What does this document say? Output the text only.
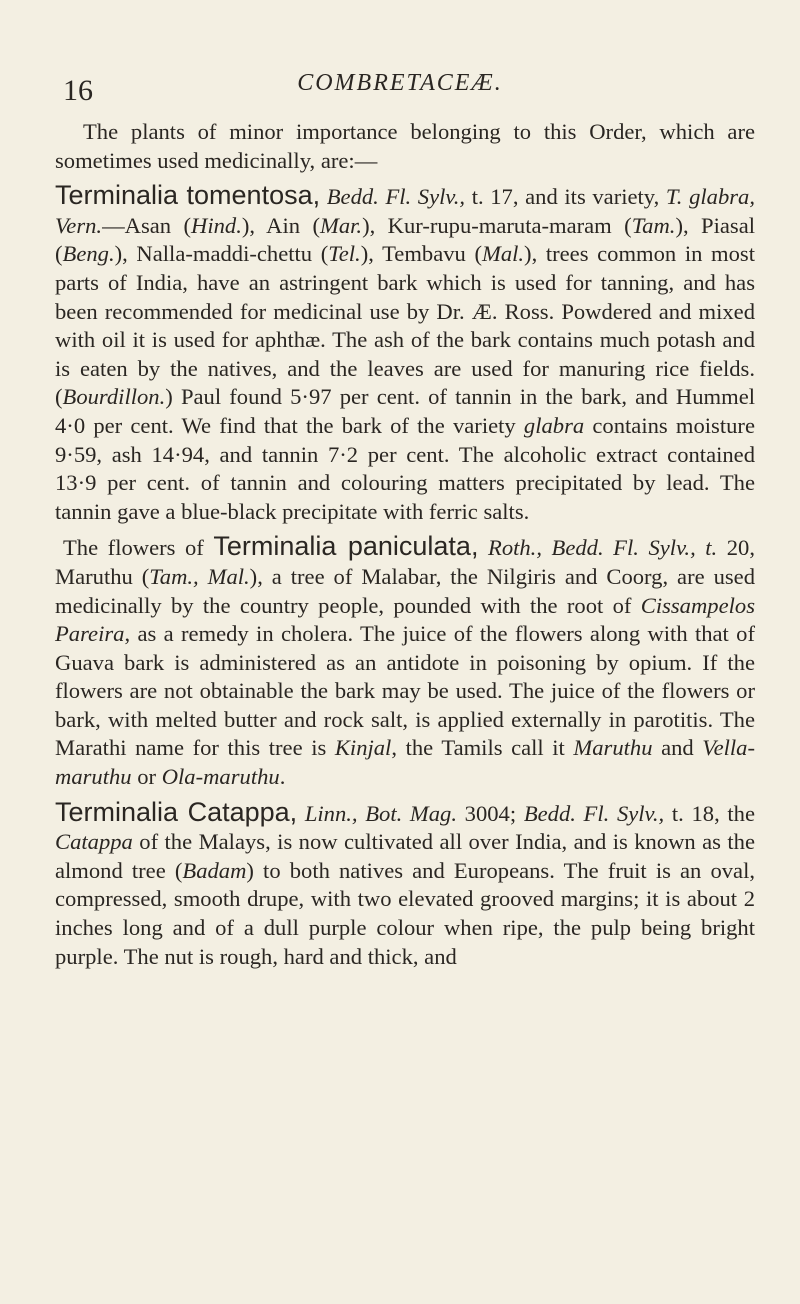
16	COMBRETACEÆ.

The plants of minor importance belonging to this Order, which are sometimes used medicinally, are:—

Terminalia tomentosa, Bedd. Fl. Sylv., t. 17, and its variety, T. glabra, Vern.—Asan (Hind.), Ain (Mar.), Kur-rupu-maruta-maram (Tam.), Piasal (Beng.), Nalla-maddi-chettu (Tel.), Tembavu (Mal.), trees common in most parts of India, have an astringent bark which is used for tanning, and has been recommended for medicinal use by Dr. Æ. Ross. Powdered and mixed with oil it is used for aphthæ. The ash of the bark contains much potash and is eaten by the natives, and the leaves are used for manuring rice fields. (Bourdillon.) Paul found 5·97 per cent. of tannin in the bark, and Hummel 4·0 per cent. We find that the bark of the variety glabra contains moisture 9·59, ash 14·94, and tannin 7·2 per cent. The alcoholic extract contained 13·9 per cent. of tannin and colouring matters precipitated by lead. The tannin gave a blue-black precipitate with ferric salts.

The flowers of Terminalia paniculata, Roth., Bedd. Fl. Sylv., t. 20, Maruthu (Tam., Mal.), a tree of Malabar, the Nilgiris and Coorg, are used medicinally by the country people, pounded with the root of Cissampelos Pareira, as a remedy in cholera. The juice of the flowers along with that of Guava bark is administered as an antidote in poisoning by opium. If the flowers are not obtainable the bark may be used. The juice of the flowers or bark, with melted butter and rock salt, is applied externally in parotitis. The Marathi name for this tree is Kinjal, the Tamils call it Maruthu and Vella-maruthu or Ola-maruthu.

Terminalia Catappa, Linn., Bot. Mag. 3004; Bedd. Fl. Sylv., t. 18, the Catappa of the Malays, is now cultivated all over India, and is known as the almond tree (Badam) to both natives and Europeans. The fruit is an oval, compressed, smooth drupe, with two elevated grooved margins; it is about 2 inches long and of a dull purple colour when ripe, the pulp being bright purple. The nut is rough, hard and thick, and
